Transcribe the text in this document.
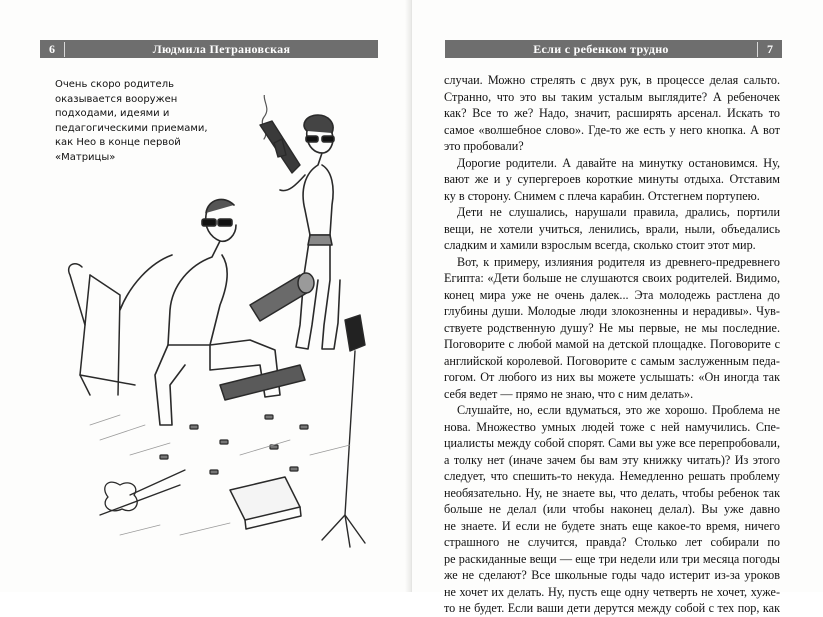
6	Людмила Петрановская
Очень скоро родитель
оказывается вооружен
подходами, идеями и
педагогическими приемами,
как Нео в конце первой
«Матрицы»
Если с ребенком трудно	7
случаи. Можно стрелять с двух рук, в процессе делая сальто.
Странно, что это вы таким усталым выглядите? А ребеночек
как? Все то же? Надо, значит, расширять арсенал. Искать то
самое «волшебное слово». Где-то же есть у него кнопка. А вот
это пробовали?
Дорогие родители. А давайте на минутку остановимся. Ну,
вают же и у супергероев короткие минуты отдыха. Отставим
ку в сторону. Снимем с плеча карабин. Отстегнем портупею.
Дети не слушались, нарушали правила, дрались, портили
вещи, не хотели учиться, ленились, врали, ныли, объедались
сладким и хамили взрослым всегда, сколько стоит этот мир.
Вот, к примеру, излияния родителя из древнего-предревнего
Египта: «Дети больше не слушаются своих родителей. Видимо,
конец мира уже не очень далек... Эта молодежь растлена до
глубины души. Молодые люди злокозненны и нерадивы». Чув-
ствуете родственную душу? Не мы первые, не мы последние.
Поговорите с любой мамой на детской площадке. Поговорите с
английской королевой. Поговорите с самым заслуженным педа-
гогом. От любого из них вы можете услышать: «Он иногда так
себя ведет — прямо не знаю, что с ним делать».
Слушайте, но, если вдуматься, это же хорошо. Проблема не
нова. Множество умных людей тоже с ней намучились. Спе-
циалисты между собой спорят. Сами вы уже все перепробовали,
а толку нет (иначе зачем бы вам эту книжку читать)? Из этого
следует, что спешить-то некуда. Немедленно решать проблему
необязательно. Ну, не знаете вы, что делать, чтобы ребенок так
больше не делал (или чтобы наконец делал). Вы уже давно
не знаете. И если не будете знать еще какое-то время, ничего
страшного не случится, правда? Столько лет собирали по
ре раскиданные вещи — еще три недели или три месяца погоды
же не сделают? Все школьные годы чадо истерит из-за уроков
не хочет их делать. Ну, пусть еще одну четверть не хочет, хуже-
то не будет. Если ваши дети дерутся между собой с тех пор, как
